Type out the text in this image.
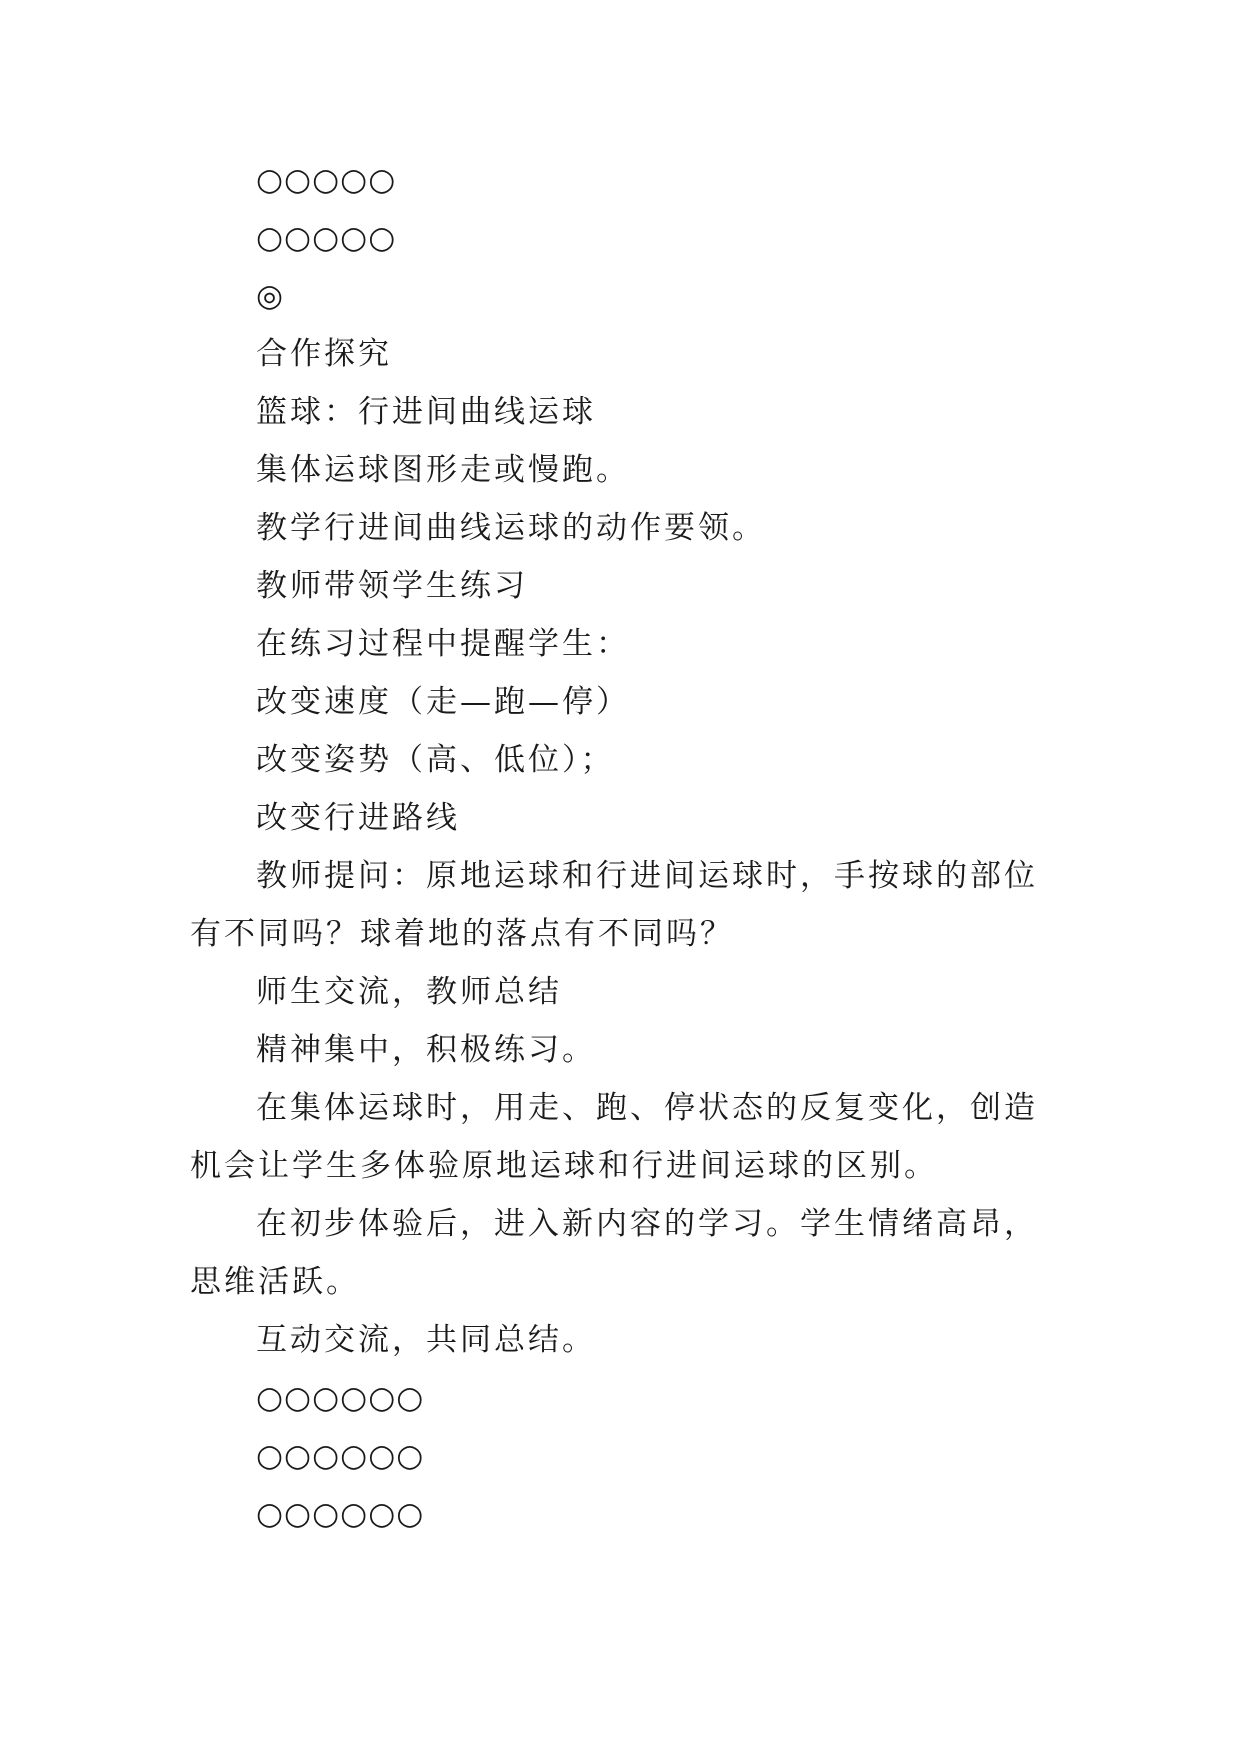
○○○○○

○○○○○

◎

合作探究

篮球：行进间曲线运球

集体运球图形走或慢跑。

教学行进间曲线运球的动作要领。

教师带领学生练习

在练习过程中提醒学生：

改变速度（走—跑—停）

改变姿势（高、低位）；

改变行进路线

教师提问：原地运球和行进间运球时，手按球的部位有不同吗？球着地的落点有不同吗？

师生交流，教师总结

精神集中，积极练习。

在集体运球时，用走、跑、停状态的反复变化，创造机会让学生多体验原地运球和行进间运球的区别。

在初步体验后，进入新内容的学习。学生情绪高昂，思维活跃。

互动交流，共同总结。

○○○○○○

○○○○○○

○○○○○○
